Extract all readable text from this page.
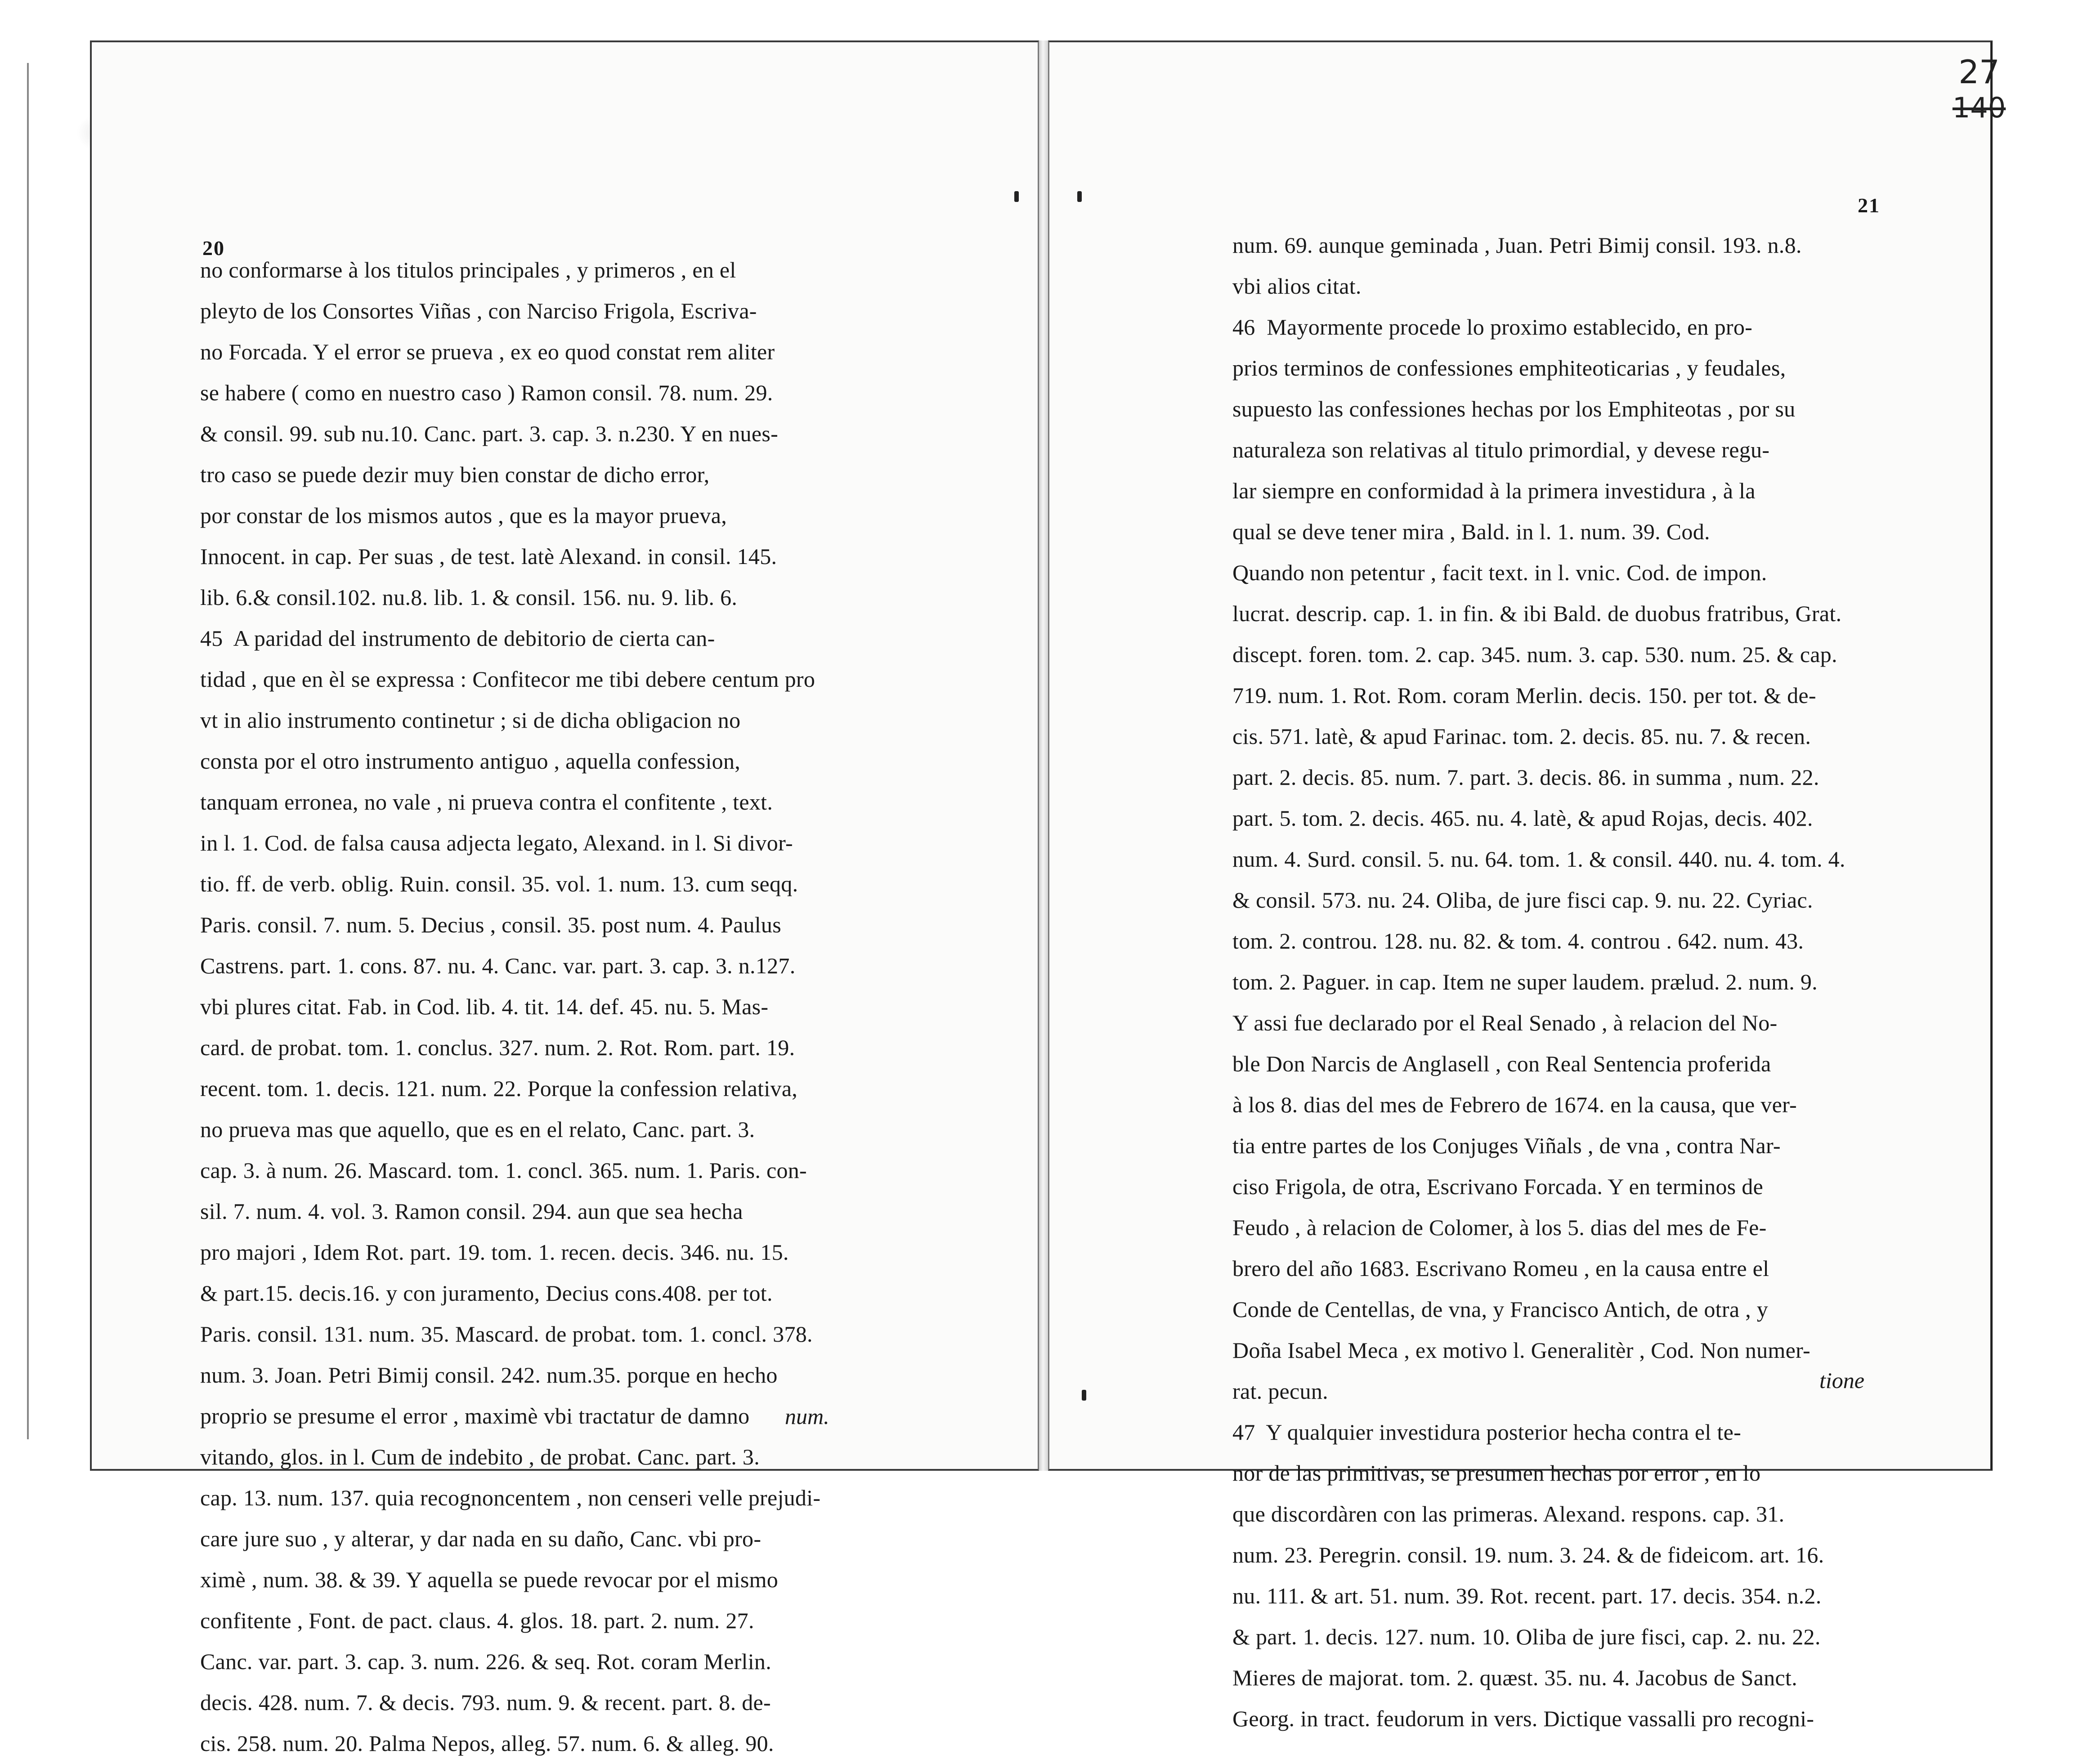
27
140
20
21
no conformarse à los titulos principales , y primeros , en el
pleyto de los Consortes Viñas , con Narciso Frigola, Escriva-
no Forcada. Y el error se prueva , ex eo quod constat rem aliter
se habere ( como en nuestro caso ) Ramon consil. 78. num. 29.
& consil. 99. sub nu.10. Canc. part. 3. cap. 3. n.230. Y en nues-
tro caso se puede dezir muy bien constar de dicho error,
por constar de los mismos autos , que es la mayor prueva,
Innocent. in cap. Per suas , de test. latè Alexand. in consil. 145.
lib. 6.& consil.102. nu.8. lib. 1. & consil. 156. nu. 9. lib. 6.
45  A paridad del instrumento de debitorio de cierta can-
tidad , que en èl se expressa : Confitecor me tibi debere centum pro
vt in alio instrumento continetur ; si de dicha obligacion no
consta por el otro instrumento antiguo , aquella confession,
tanquam erronea, no vale , ni prueva contra el confitente , text.
in l. 1. Cod. de falsa causa adjecta legato, Alexand. in l. Si divor-
tio. ff. de verb. oblig. Ruin. consil. 35. vol. 1. num. 13. cum seqq.
Paris. consil. 7. num. 5. Decius , consil. 35. post num. 4. Paulus
Castrens. part. 1. cons. 87. nu. 4. Canc. var. part. 3. cap. 3. n.127.
vbi plures citat. Fab. in Cod. lib. 4. tit. 14. def. 45. nu. 5. Mas-
card. de probat. tom. 1. conclus. 327. num. 2. Rot. Rom. part. 19.
recent. tom. 1. decis. 121. num. 22. Porque la confession relativa,
no prueva mas que aquello, que es en el relato, Canc. part. 3.
cap. 3. à num. 26. Mascard. tom. 1. concl. 365. num. 1. Paris. con-
sil. 7. num. 4. vol. 3. Ramon consil. 294. aun que sea hecha
pro majori , Idem Rot. part. 19. tom. 1. recen. decis. 346. nu. 15.
& part.15. decis.16. y con juramento, Decius cons.408. per tot.
Paris. consil. 131. num. 35. Mascard. de probat. tom. 1. concl. 378.
num. 3. Joan. Petri Bimij consil. 242. num.35. porque en hecho
proprio se presume el error , maximè vbi tractatur de damno
vitando, glos. in l. Cum de indebito , de probat. Canc. part. 3.
cap. 13. num. 137. quia recognoncentem , non censeri velle prejudi-
care jure suo , y alterar, y dar nada en su daño, Canc. vbi pro-
ximè , num. 38. & 39. Y aquella se puede revocar por el mismo
confitente , Font. de pact. claus. 4. glos. 18. part. 2. num. 27.
Canc. var. part. 3. cap. 3. num. 226. & seq. Rot. coram Merlin.
decis. 428. num. 7. & decis. 793. num. 9. & recent. part. 8. de-
cis. 258. num. 20. Palma Nepos, alleg. 57. num. 6. & alleg. 90.
num. 69. aunque geminada , Juan. Petri Bimij consil. 193. n.8.
vbi alios citat.
46  Mayormente procede lo proximo establecido, en pro-
prios terminos de confessiones emphiteoticarias , y feudales,
supuesto las confessiones hechas por los Emphiteotas , por su
naturaleza son relativas al titulo primordial, y devese regu-
lar siempre en conformidad à la primera investidura , à la
qual se deve tener mira , Bald. in l. 1. num. 39. Cod.
Quando non petentur , facit text. in l. vnic. Cod. de impon.
lucrat. descrip. cap. 1. in fin. & ibi Bald. de duobus fratribus, Grat.
discept. foren. tom. 2. cap. 345. num. 3. cap. 530. num. 25. & cap.
719. num. 1. Rot. Rom. coram Merlin. decis. 150. per tot. & de-
cis. 571. latè, & apud Farinac. tom. 2. decis. 85. nu. 7. & recen.
part. 2. decis. 85. num. 7. part. 3. decis. 86. in summa , num. 22.
part. 5. tom. 2. decis. 465. nu. 4. latè, & apud Rojas, decis. 402.
num. 4. Surd. consil. 5. nu. 64. tom. 1. & consil. 440. nu. 4. tom. 4.
& consil. 573. nu. 24. Oliba, de jure fisci cap. 9. nu. 22. Cyriac.
tom. 2. controu. 128. nu. 82. & tom. 4. controu . 642. num. 43.
tom. 2. Paguer. in cap. Item ne super laudem. prælud. 2. num. 9.
Y assi fue declarado por el Real Senado , à relacion del No-
ble Don Narcis de Anglasell , con Real Sentencia proferida
à los 8. dias del mes de Febrero de 1674. en la causa, que ver-
tia entre partes de los Conjuges Viñals , de vna , contra Nar-
ciso Frigola, de otra, Escrivano Forcada. Y en terminos de
Feudo , à relacion de Colomer, à los 5. dias del mes de Fe-
brero del año 1683. Escrivano Romeu , en la causa entre el
Conde de Centellas, de vna, y Francisco Antich, de otra , y
Doña Isabel Meca , ex motivo l. Generalitèr , Cod. Non numer-
rat. pecun.
47  Y qualquier investidura posterior hecha contra el te-
nor de las primitivas, se presumen hechas por error , en lo
que discordàren con las primeras. Alexand. respons. cap. 31.
num. 23. Peregrin. consil. 19. num. 3. 24. & de fideicom. art. 16.
nu. 111. & art. 51. num. 39. Rot. recent. part. 17. decis. 354. n.2.
& part. 1. decis. 127. num. 10. Oliba de jure fisci, cap. 2. nu. 22.
Mieres de majorat. tom. 2. quæst. 35. nu. 4. Jacobus de Sanct.
Georg. in tract. feudorum in vers. Dictique vassalli pro recogni-
num.
tione
